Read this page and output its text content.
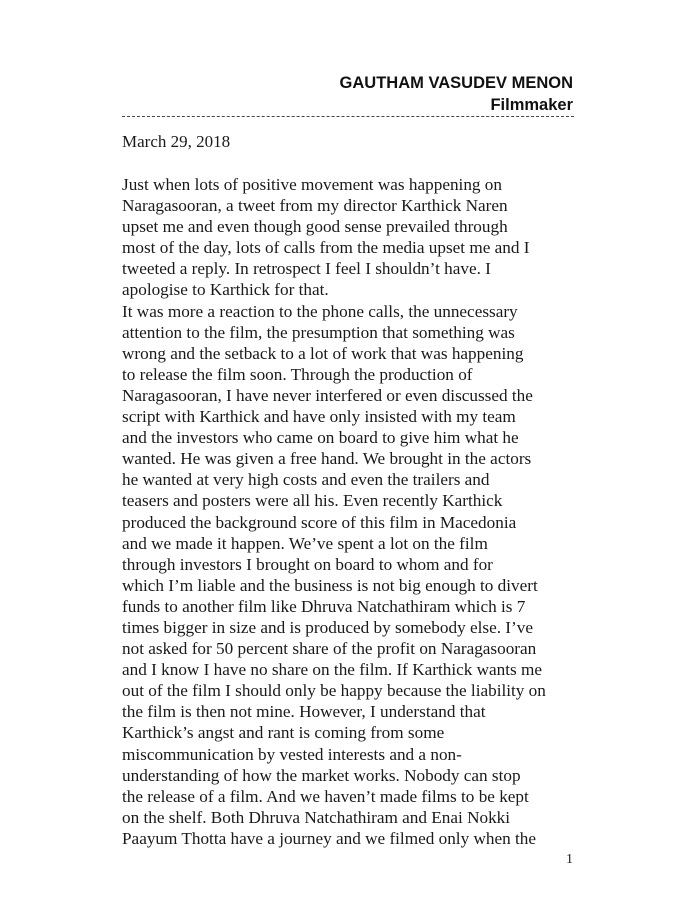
GAUTHAM VASUDEV MENON
Filmmaker
March 29, 2018
Just when lots of positive movement was happening on
Naragasooran, a tweet from my director Karthick Naren
upset me and even though good sense prevailed through
most of the day, lots of calls from the media upset me and I
tweeted a reply. In retrospect I feel I shouldn’t have. I
apologise to Karthick for that.
It was more a reaction to the phone calls, the unnecessary
attention to the film, the presumption that something was
wrong and the setback to a lot of work that was happening
to release the film soon. Through the production of
Naragasooran, I have never interfered or even discussed the
script with Karthick and have only insisted with my team
and the investors who came on board to give him what he
wanted. He was given a free hand. We brought in the actors
he wanted at very high costs and even the trailers and
teasers and posters were all his. Even recently Karthick
produced the background score of this film in Macedonia
and we made it happen. We’ve spent a lot on the film
through investors I brought on board to whom and for
which I’m liable and the business is not big enough to divert
funds to another film like Dhruva Natchathiram which is 7
times bigger in size and is produced by somebody else. I’ve
not asked for 50 percent share of the profit on Naragasooran
and I know I have no share on the film. If Karthick wants me
out of the film I should only be happy because the liability on
the film is then not mine. However, I understand that
Karthick’s angst and rant is coming from some
miscommunication by vested interests and a non-
understanding of how the market works. Nobody can stop
the release of a film. And we haven’t made films to be kept
on the shelf. Both Dhruva Natchathiram and Enai Nokki
Paayum Thotta have a journey and we filmed only when the
1
